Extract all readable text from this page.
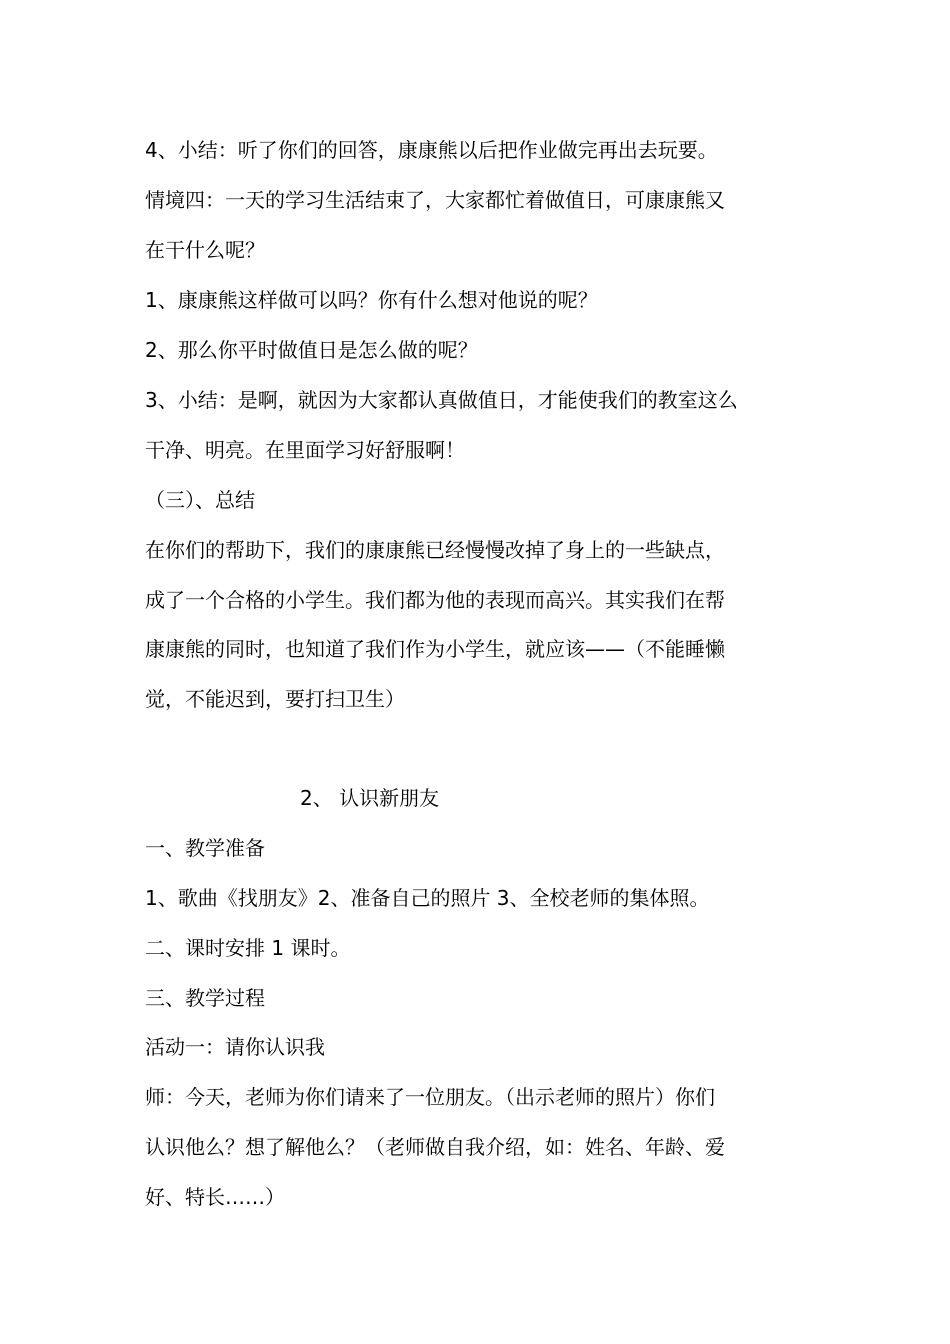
4、小结：听了你们的回答，康康熊以后把作业做完再出去玩要。
情境四：一天的学习生活结束了，大家都忙着做值日，可康康熊又
在干什么呢？
1、康康熊这样做可以吗？你有什么想对他说的呢？
2、那么你平时做值日是怎么做的呢？
3、小结：是啊，就因为大家都认真做值日，才能使我们的教室这么
干净、明亮。在里面学习好舒服啊！
（三）、总结
在你们的帮助下，我们的康康熊已经慢慢改掉了身上的一些缺点，
成了一个合格的小学生。我们都为他的表现而高兴。其实我们在帮
康康熊的同时，也知道了我们作为小学生，就应该——（不能睡懒
觉，不能迟到，要打扫卫生）
2、 认识新朋友
一、教学准备
1、歌曲《找朋友》2、准备自己的照片 3、全校老师的集体照。
二、课时安排 1 课时。
三、教学过程
活动一：请你认识我
师：今天，老师为你们请来了一位朋友。（出示老师的照片）你们
认识他么？想了解他么？（老师做自我介绍，如：姓名、年龄、爱
好、特长……）
